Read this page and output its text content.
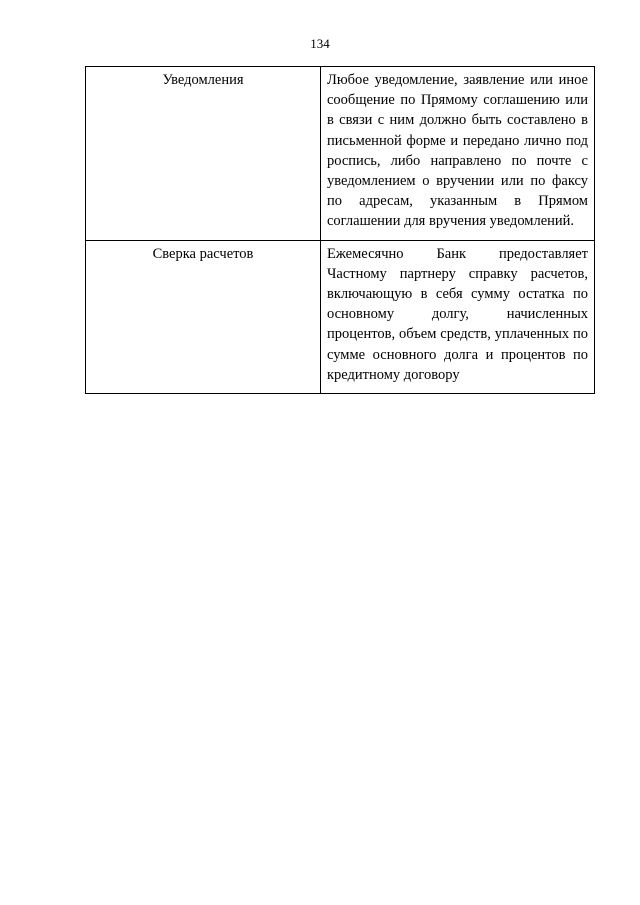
134
Уведомления	Любое уведомление, заявление или иное сообщение по Прямому соглашению или в связи с ним должно быть составлено в письменной форме и передано лично под роспись, либо направлено по почте с уведомлением о вручении или по факсу по адресам, указанным в Прямом соглашении для вручения уведомлений.
Сверка расчетов	Ежемесячно Банк предоставляет Частному партнеру справку расчетов, включающую в себя сумму остатка по основному долгу, начисленных процентов, объем средств, уплаченных по сумме основного долга и процентов по кредитному договору
